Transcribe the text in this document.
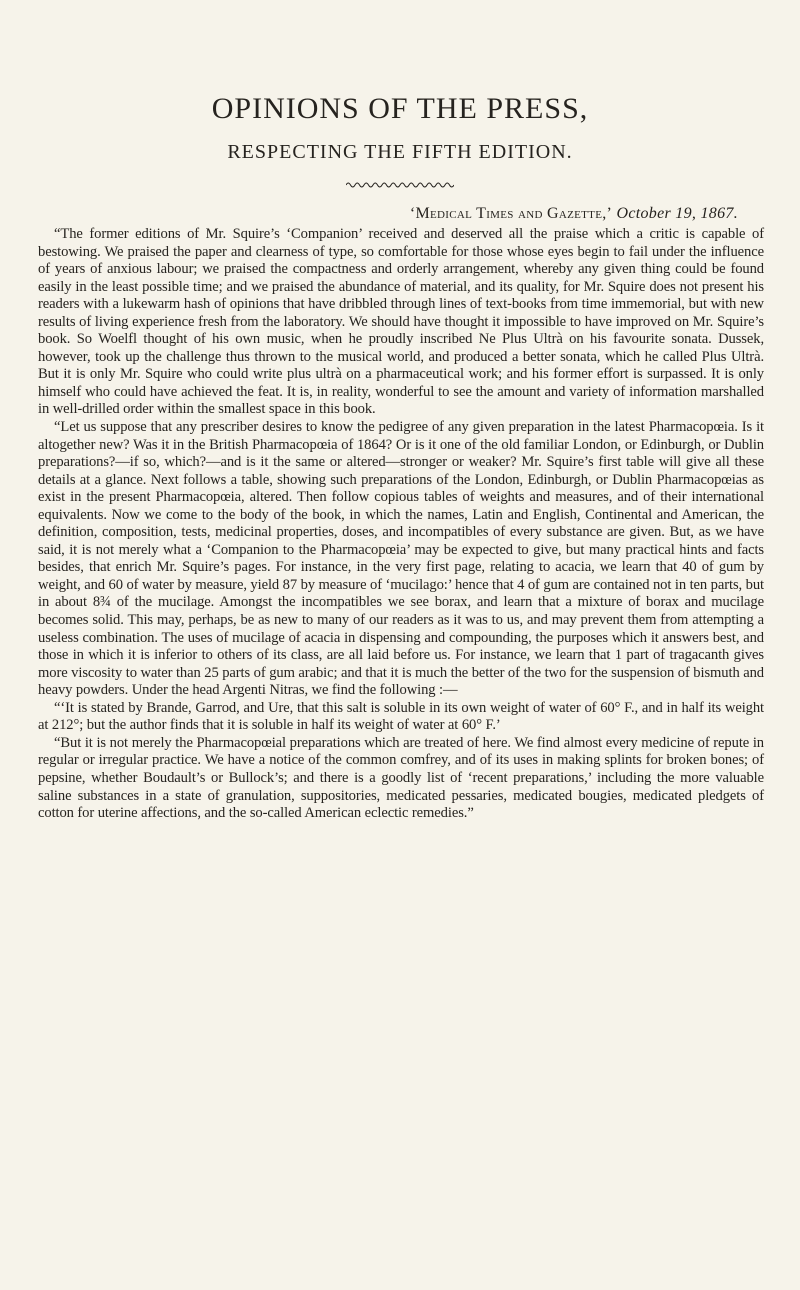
OPINIONS OF THE PRESS,
RESPECTING THE FIFTH EDITION.
‘Medical Times and Gazette,’ October 19, 1867.

“The former editions of Mr. Squire’s ‘Companion’ received and deserved all the praise which a critic is capable of bestowing. We praised the paper and clearness of type, so comfortable for those whose eyes begin to fail under the influence of years of anxious labour; we praised the compactness and orderly arrangement, whereby any given thing could be found easily in the least possible time; and we praised the abundance of material, and its quality, for Mr. Squire does not present his readers with a lukewarm hash of opinions that have dribbled through lines of text-books from time immemorial, but with new results of living experience fresh from the laboratory. We should have thought it impossible to have improved on Mr. Squire’s book. So Woelfl thought of his own music, when he proudly inscribed Ne Plus Ultrà on his favourite sonata. Dussek, however, took up the challenge thus thrown to the musical world, and produced a better sonata, which he called Plus Ultrà. But it is only Mr. Squire who could write plus ultrà on a pharmaceutical work; and his former effort is surpassed. It is only himself who could have achieved the feat. It is, in reality, wonderful to see the amount and variety of information marshalled in well-drilled order within the smallest space in this book.

“Let us suppose that any prescriber desires to know the pedigree of any given preparation in the latest Pharmacopœia. Is it altogether new? Was it in the British Pharmacopœia of 1864? Or is it one of the old familiar London, or Edinburgh, or Dublin preparations?—if so, which?—and is it the same or altered—stronger or weaker? Mr. Squire’s first table will give all these details at a glance. Next follows a table, showing such preparations of the London, Edinburgh, or Dublin Pharmacopœias as exist in the present Pharmacopœia, altered. Then follow copious tables of weights and measures, and of their international equivalents. Now we come to the body of the book, in which the names, Latin and English, Continental and American, the definition, composition, tests, medicinal properties, doses, and incompatibles of every substance are given. But, as we have said, it is not merely what a ‘Companion to the Pharmacopœia’ may be expected to give, but many practical hints and facts besides, that enrich Mr. Squire’s pages. For instance, in the very first page, relating to acacia, we learn that 40 of gum by weight, and 60 of water by measure, yield 87 by measure of ‘mucilago:’ hence that 4 of gum are contained not in ten parts, but in about 8¾ of the mucilage. Amongst the incompatibles we see borax, and learn that a mixture of borax and mucilage becomes solid. This may, perhaps, be as new to many of our readers as it was to us, and may prevent them from attempting a useless combination. The uses of mucilage of acacia in dispensing and compounding, the purposes which it answers best, and those in which it is inferior to others of its class, are all laid before us. For instance, we learn that 1 part of tragacanth gives more viscosity to water than 25 parts of gum arabic; and that it is much the better of the two for the suspension of bismuth and heavy powders. Under the head Argenti Nitras, we find the following :—

“‘It is stated by Brande, Garrod, and Ure, that this salt is soluble in its own weight of water of 60° F., and in half its weight at 212°; but the author finds that it is soluble in half its weight of water at 60° F.’

“But it is not merely the Pharmacopœial preparations which are treated of here. We find almost every medicine of repute in regular or irregular practice. We have a notice of the common comfrey, and of its uses in making splints for broken bones; of pepsine, whether Boudault’s or Bullock’s; and there is a goodly list of ‘recent preparations,’ including the more valuable saline substances in a state of granulation, suppositories, medicated pessaries, medicated bougies, medicated pledgets of cotton for uterine affections, and the so-called American eclectic remedies.”
